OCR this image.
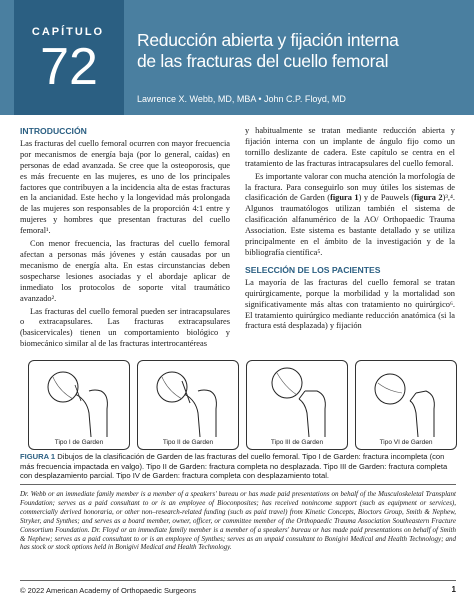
CAPÍTULO
72	Reducción abierta y fijación interna
de las fracturas del cuello femoral
Lawrence X. Webb, MD, MBA • John C.P. Floyd, MD
INTRODUCCIÓN

Las fracturas del cuello femoral ocurren con mayor frecuencia por mecanismos de energía baja (por lo general, caídas) en personas de edad avanzada. Se cree que la osteoporosis, que es más frecuente en las mujeres, es uno de los principales factores que contribuyen a la incidencia alta de estas fracturas en la ancianidad. Este hecho y la longevidad más prolongada de las mujeres son responsables de la proporción 4:1 entre y mujeres y hombres que presentan fracturas del cuello femoral¹.

Con menor frecuencia, las fracturas del cuello femoral afectan a personas más jóvenes y están causadas por un mecanismo de energía alta. En estas circunstancias deben sospecharse lesiones asociadas y el abordaje aplicar de inmediato los protocolos de soporte vital traumático avanzado².

Las fracturas del cuello femoral pueden ser intracapsulares o extracapsulares. Las fracturas extracapsulares (basicervicales) tienen un comportamiento biológico y biomecánico similar al de las fracturas intertrocantéreas

y habitualmente se tratan mediante reducción abierta y fijación interna con un implante de ángulo fijo como un tornillo deslizante de cadera. Este capítulo se centra en el tratamiento de las fracturas intracapsulares del cuello femoral.

Es importante valorar con mucha atención la morfología de la fractura. Para conseguirlo son muy útiles los sistemas de clasificación de Garden (figura 1) y de Pauwels (figura 2)³,⁴. Algunos traumatólogos utilizan también el sistema de clasificación alfanumérico de la AO/ Orthopaedic Trauma Association. Este sistema es bastante detallado y se utiliza principalmente en el ámbito de la investigación y de la bibliografía científica⁵.

SELECCIÓN DE LOS PACIENTES

La mayoría de las fracturas del cuello femoral se tratan quirúrgicamente, porque la morbilidad y la mortalidad son significativamente más altas con tratamiento no quirúrgico⁶. El tratamiento quirúrgico mediante reducción anatómica (si la fractura está desplazada) y fijación

Tipo I de Garden	Tipo II de Garden	Tipo III de Garden	Tipo VI de Garden
FIGURA 1 Dibujos de la clasificación de Garden de las fracturas del cuello femoral. Tipo I de Garden: fractura incompleta (con más frecuencia impactada en valgo). Tipo II de Garden: fractura completa no desplazada. Tipo III de Garden: fractura completa con desplazamiento parcial. Tipo IV de Garden: fractura completa con desplazamiento total.
Dr. Webb or an immediate family member is a member of a speakers' bureau or has made paid presentations on behalf of the Musculoskeletal Transplant Foundation; serves as a paid consultant to or is an employee of Bioconposites; has received nonincome support (such as equipment or services), commercially derived honoraria, or other non–research-related funding (such as paid travel) from Kinetic Concepts, Bioctors Group, Smith & Nephew, Stryker, and Synthes; and serves as a board member, owner, officer, or committee member of the Orthopaedic Trauma Association Southeastern Fracture Consortium Foundation. Dr. Floyd or an immediate family member is a member of a speakers' bureau or has made paid presentations on behalf of Smith & Nephew; serves as a paid consultant to or is an employee of Synthes; serves as an unpaid consultant to Bonigivi Medical and Health Technology; and has stock or stock options held in Bonigivi Medical and Health Technology.
© 2022 American Academy of Orthopaedic Surgeons	1
